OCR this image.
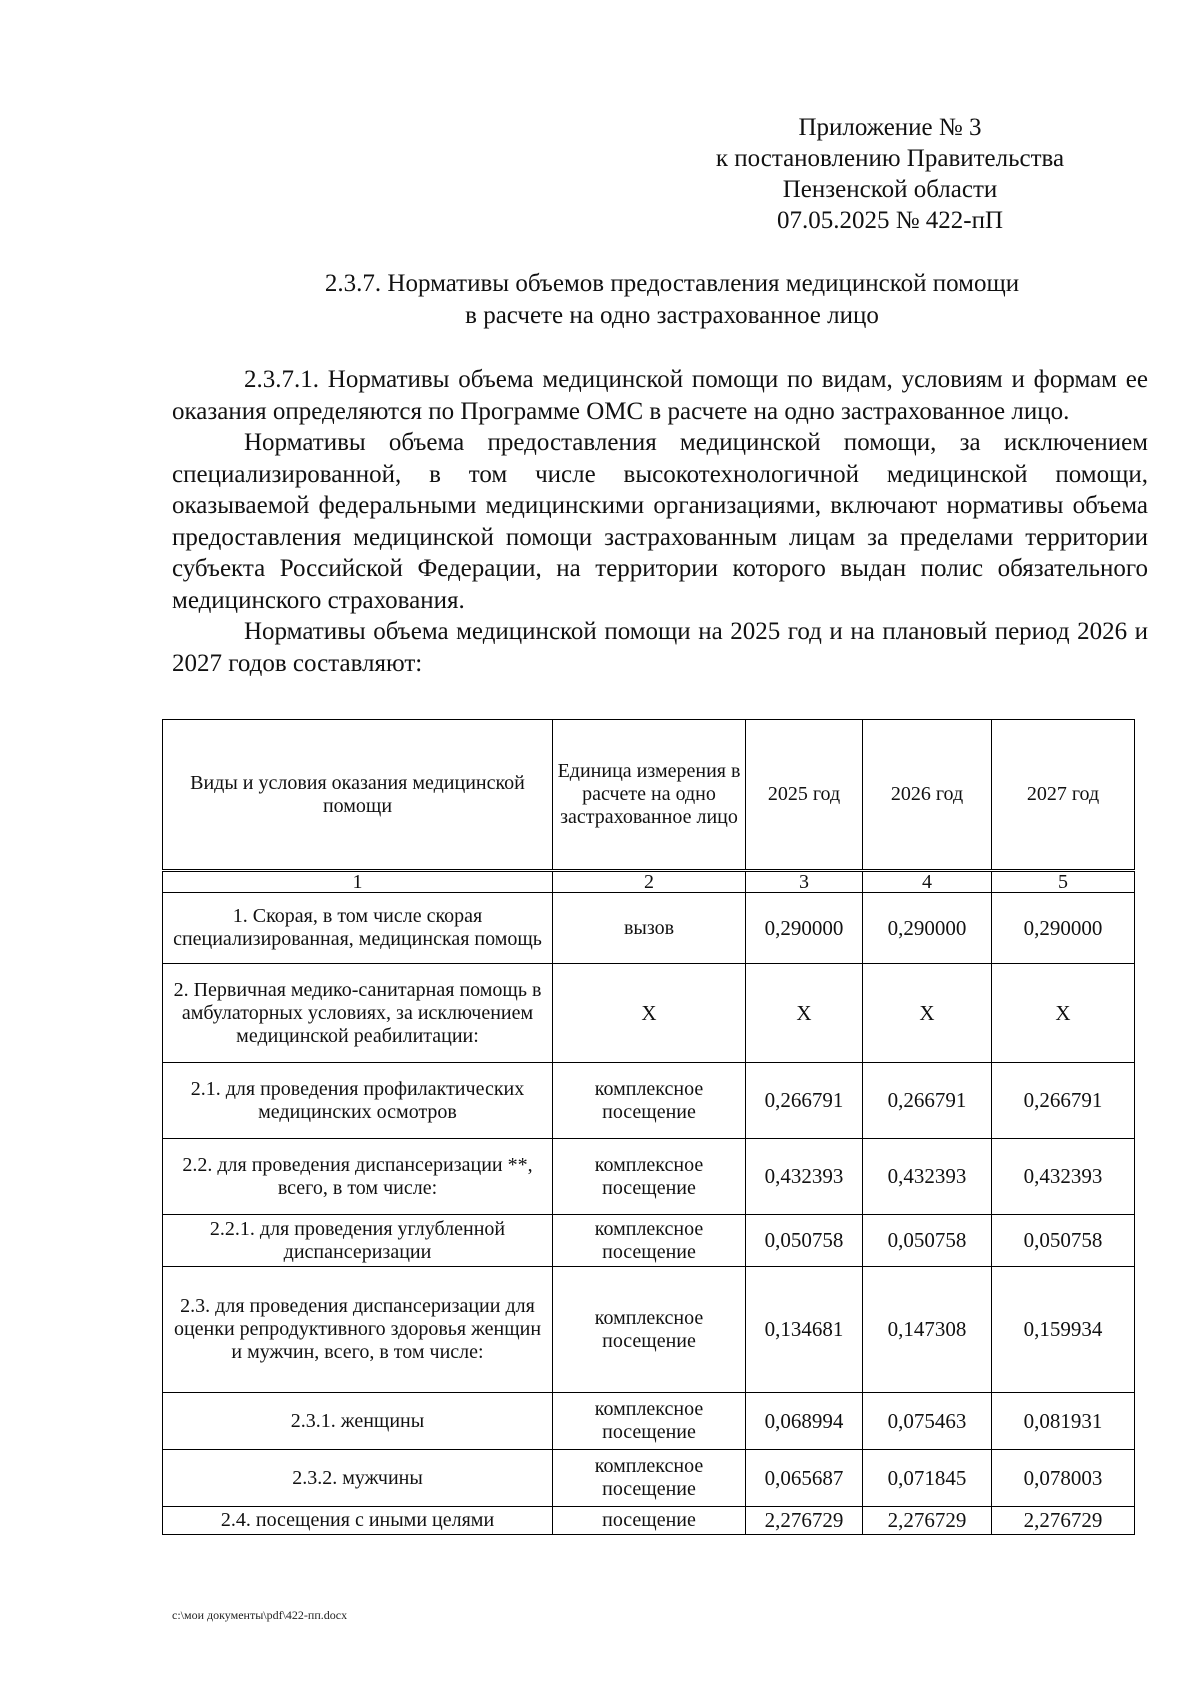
Приложение № 3
к постановлению Правительства
Пензенской области
07.05.2025 № 422-пП
2.3.7. Нормативы объемов предоставления медицинской помощи
в расчете на одно застрахованное лицо

2.3.7.1. Нормативы объема медицинской помощи по видам, условиям и формам ее оказания определяются по Программе ОМС в расчете на одно застрахованное лицо.

Нормативы объема предоставления медицинской помощи, за исключением специализированной, в том числе высокотехнологичной медицинской помощи, оказываемой федеральными медицинскими организациями, включают нормативы объема предоставления медицинской помощи застрахованным лицам за пределами территории субъекта Российской Федерации, на территории которого выдан полис обязательного медицинского страхования.

Нормативы объема медицинской помощи на 2025 год и на плановый период 2026 и 2027 годов составляют:

Виды и условия оказания медицинской помощи	Единица измерения в расчете на одно застрахованное лицо	2025 год	2026 год	2027 год
1	2	3	4	5
1. Скорая, в том числе скорая специализированная, медицинская помощь	вызов	0,290000	0,290000	0,290000
2. Первичная медико-санитарная помощь в амбулаторных условиях, за исключением медицинской реабилитации:	Х	Х	Х	Х
2.1. для проведения профилактических медицинских осмотров	комплексное посещение	0,266791	0,266791	0,266791
2.2. для проведения диспансеризации **, всего, в том числе:	комплексное посещение	0,432393	0,432393	0,432393
2.2.1. для проведения углубленной диспансеризации	комплексное посещение	0,050758	0,050758	0,050758
2.3. для проведения диспансеризации для оценки репродуктивного здоровья женщин и мужчин, всего, в том числе:	комплексное посещение	0,134681	0,147308	0,159934
2.3.1. женщины	комплексное посещение	0,068994	0,075463	0,081931
2.3.2. мужчины	комплексное посещение	0,065687	0,071845	0,078003
2.4. посещения с иными целями	посещение	2,276729	2,276729	2,276729
c:\мои документы\pdf\422-пп.docx
